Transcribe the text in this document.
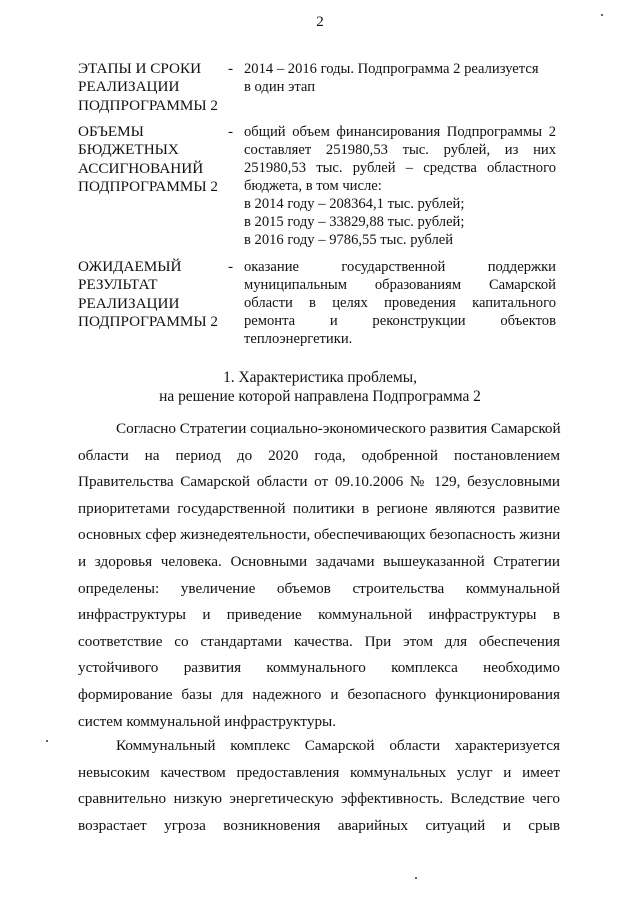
2
ЭТАПЫ И СРОКИ
РЕАЛИЗАЦИИ
ПОДПРОГРАММЫ 2
- 2014 – 2016 годы. Подпрограмма 2 реализуется
в один этап
ОБЪЕМЫ
БЮДЖЕТНЫХ
АССИГНОВАНИЙ
ПОДПРОГРАММЫ 2
- общий объем финансирования Подпрограммы 2
составляет 251980,53 тыс. рублей, из них
251980,53 тыс. рублей – средства областного
бюджета, в том числе:
в 2014 году – 208364,1 тыс. рублей;
в 2015 году – 33829,88 тыс. рублей;
в 2016 году – 9786,55 тыс. рублей
ОЖИДАЕМЫЙ
РЕЗУЛЬТАТ
РЕАЛИЗАЦИИ
ПОДПРОГРАММЫ 2
- оказание государственной поддержки
муниципальным образованиям Самарской
области в целях проведения капитального
ремонта и реконструкции объектов
теплоэнергетики.
1. Характеристика проблемы,
на решение которой направлена Подпрограмма 2
Согласно Стратегии социально-экономического развития Самарской
области на период до 2020 года, одобренной постановлением
Правительства Самарской области от 09.10.2006 № 129, безусловными
приоритетами государственной политики в регионе являются развитие
основных сфер жизнедеятельности, обеспечивающих безопасность жизни
и здоровья человека. Основными задачами вышеуказанной Стратегии
определены: увеличение объемов строительства коммунальной
инфраструктуры и приведение коммунальной инфраструктуры в
соответствие со стандартами качества. При этом для обеспечения
устойчивого развития коммунального комплекса необходимо
формирование базы для надежного и безопасного функционирования
систем коммунальной инфраструктуры.
Коммунальный комплекс Самарской области характеризуется
невысоким качеством предоставления коммунальных услуг и имеет
сравнительно низкую энергетическую эффективность. Вследствие чего
возрастает угроза возникновения аварийных ситуаций и срыв
